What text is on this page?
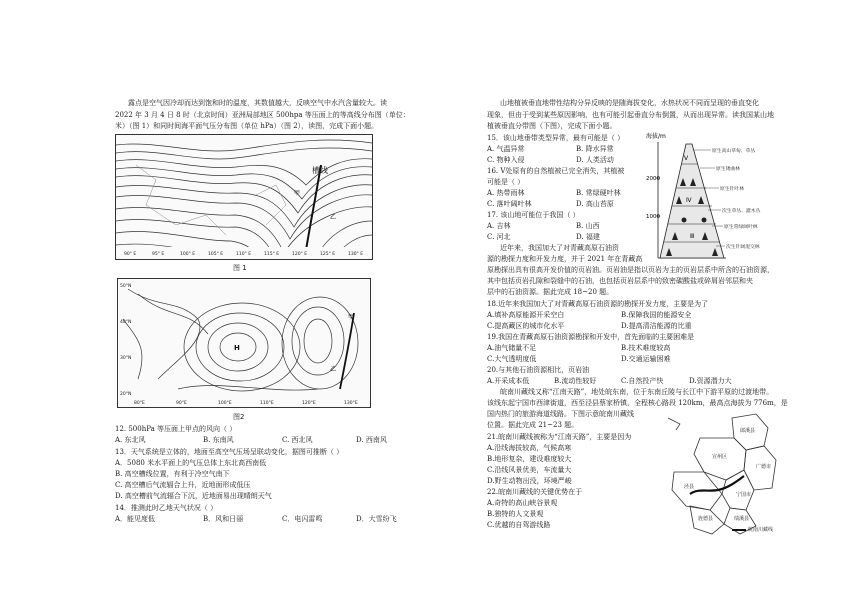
露点是空气因冷却而达到饱和时的温度，其数值越大，反映空气中水汽含量较大。读
2022 年 3 月 4 日 8 时（北京时间）亚洲局部地区 500hpa 等压面上的等高线分布图（单位：
米）（图 1）和同时间海平面气压分布图（单位 hPa）（图 2），读图，完成下面小题。
槽线
甲
乙
90° E	95° E	100° E	105° E	110° E	115° E	120° E	125° E	130° E
图 1
H
甲
乙
50°N
40°N
30°N
20°N
80°E	90°E	100°E	110°E	120°E	130°E
图2
12. 500hPa 等压面上甲点的风向（ ）
A. 东北风	B. 东南风	C. 西北风	D. 西南风
13．天气系统是立体的，地面至高空气压场呈联动变化，据图可推断（ ）
A．5080 米水平面上的气压总体上东北高西南低
B. 高空槽线位置，有利于冷空气南下
C. 高空槽后气流辐合上升，近地面形成低压
D. 高空槽前气流辐合下沉，近地面易出现晴朗天气
14．推测此时乙地天气状况（ ）
A．能见度低	B．风和日丽	C．电闪雷鸣	D．大雪纷飞
山地植被垂直地带性结构分异反映的是随海拔变化，水热状况不同而呈现的垂直变化
现象，但由于受到某些原因影响，也有可能引起垂直分布倒置，从而出现异常。读我国某山地
植被垂直分带图（下图），完成下面小题。
15．该山地垂带类型异常，最有可能是（ ）
A. 气温异常	B. 降水异常
C. 物种入侵	D. 人类活动
16. Ⅴ处原有的自然植被已完全消失，其植被
可能是（ ）
A. 热带雨林	B. 常绿硬叶林
C. 落叶阔叶林	D. 高山苔原
17. 该山地可能位于我国（ ）
A. 吉林	B. 山西
C. 河北	D. 福建
海拔/m
2000
1000
Ⅴ
Ⅳ
Ⅲ
原生高山草甸、草丛
原生矮曲林
原生针叶林
次生草丛、灌木丛
原生常绿阔叶林
次生针阔混交林
近年来，我国加大了对青藏高原石油资
源的勘探力度和开发力度，并于 2021 年在青藏高
原勘探出具有很高开发价值的页岩油。页岩油是指以页岩为主的页岩层系中所含的石油资源，
其中包括页岩孔隙和裂缝中的石油，也包括页岩层系中的致密碳酸盐或碎屑岩邻层和夹
层中的石油资源。据此完成 18~20 题。
18.近年来我国加大了对青藏高原石油资源的勘探开发力度，主要是为了
A.填补高原能源开采空白	B.保障我国的能源安全
C.提高藏区的城市化水平	D.提高清洁能源的比重
19.我国在青藏高原石油资源勘探和开发中，首先面临的主要困难是
A.油气储量不足	B.技术难度较高
C.大气透明度低	D.交通运输困难
20.与其他石油资源相比，页岩油
A.开采成本低	B.流动性较好	C.自然投产快	D.资源潜力大
皖南川藏线又称“江南天路”，地处皖东南，位于东南丘陵与长江中下游平原的过渡地带。
该线东起宁国市西津街道，西至泾县蔡家桥镇，全程核心路段 120km，最高点海拔为 776m，是
国内热门的旅游海道线路。下图示意皖南川藏线
位置。据此完成 21~23 题。
21.皖南川藏线被称为“江南天路”，主要是因为
A.沿线海拔较高，气候高寒
B.地形复杂，建设难度较大
C.沿线风景优美，车流量大
D.野生动物出没，环境严峻
22.皖南川藏线的关键优势在于
A.奇特的高山峡谷景观
B.独特的人文景观
C.优越的自驾游线路
郎溪县
广德市
宣州区
宁国市
泾县
绩溪县
旌德县
皖南川藏线
